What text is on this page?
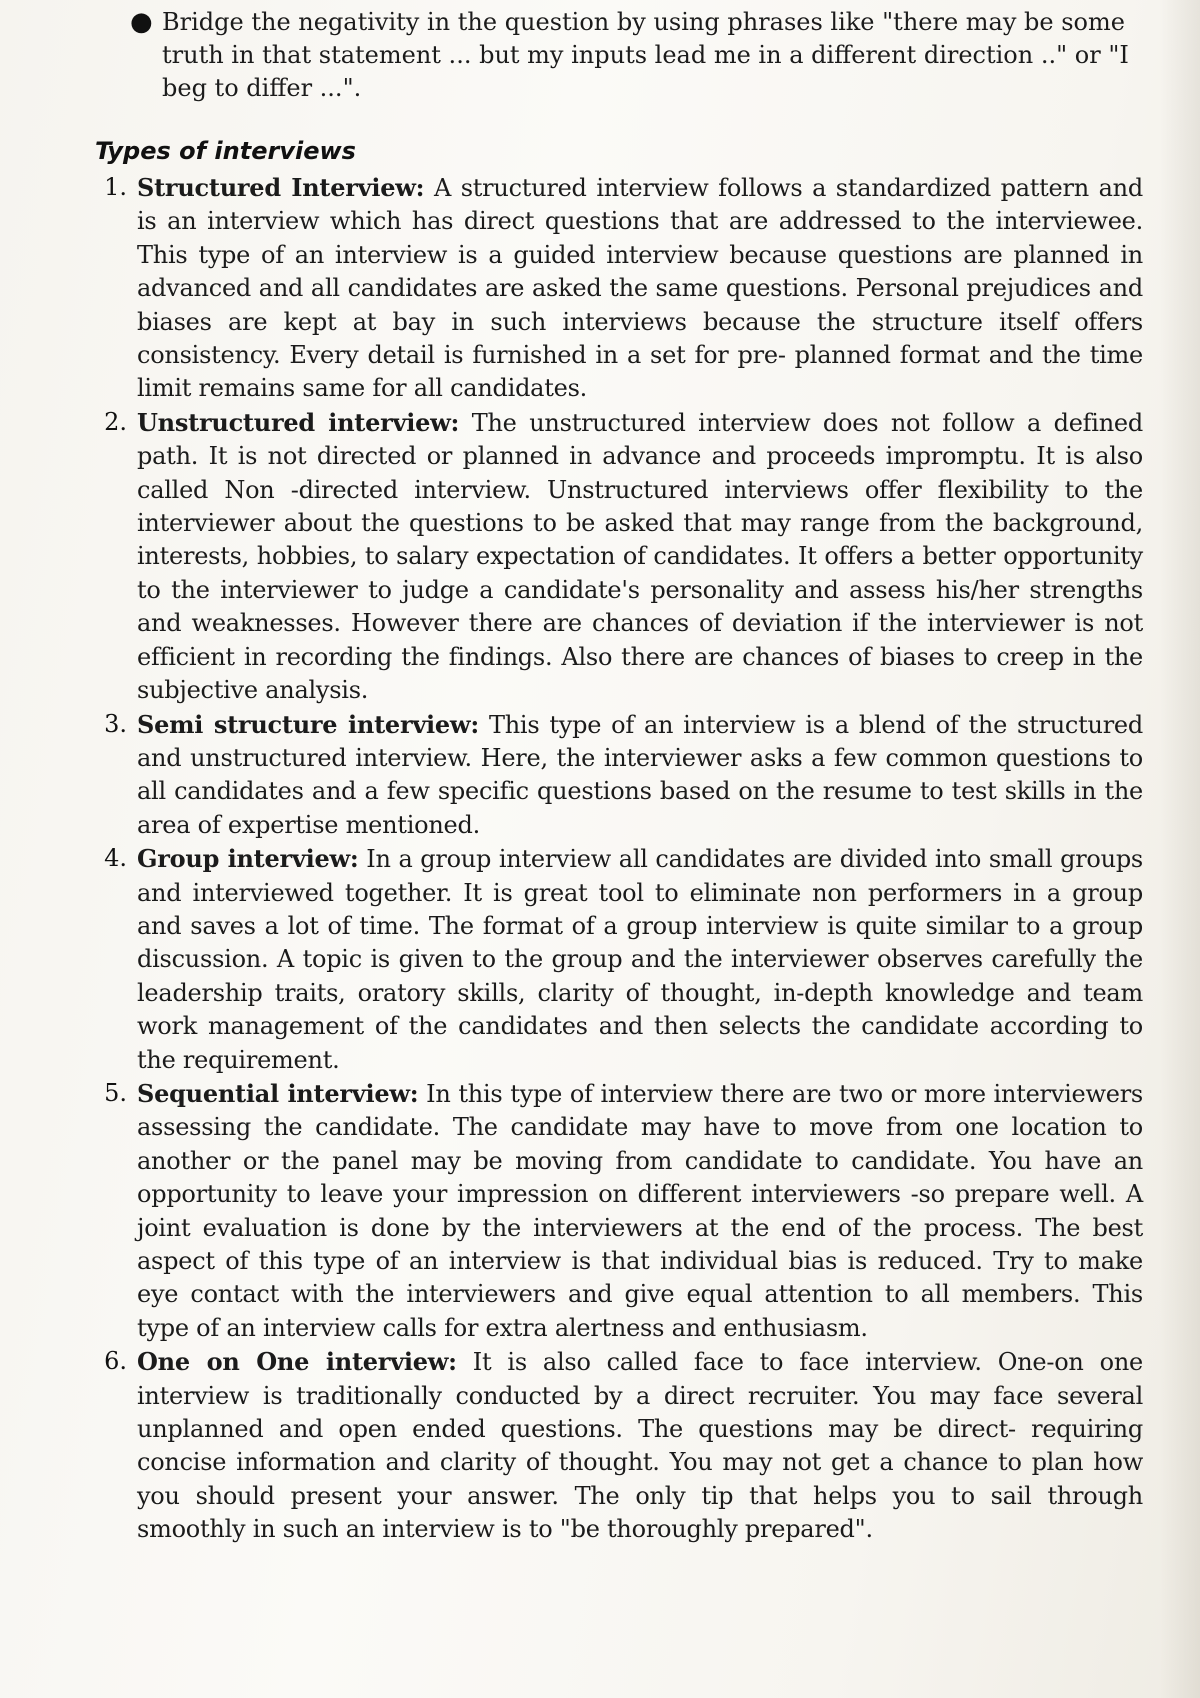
● Bridge the negativity in the question by using phrases like "there may be some truth in that statement ... but my inputs lead me in a different direction .." or "I beg to differ ...".
Types of interviews
1. Structured Interview: A structured interview follows a standardized pattern and is an interview which has direct questions that are addressed to the interviewee. This type of an interview is a guided interview because questions are planned in advanced and all candidates are asked the same questions. Personal prejudices and biases are kept at bay in such interviews because the structure itself offers consistency. Every detail is furnished in a set for pre- planned format and the time limit remains same for all candidates.
2. Unstructured interview: The unstructured interview does not follow a defined path. It is not directed or planned in advance and proceeds impromptu. It is also called Non -directed interview. Unstructured interviews offer flexibility to the interviewer about the questions to be asked that may range from the background, interests, hobbies, to salary expectation of candidates. It offers a better opportunity to the interviewer to judge a candidate's personality and assess his/her strengths and weaknesses. However there are chances of deviation if the interviewer is not efficient in recording the findings. Also there are chances of biases to creep in the subjective analysis.
3. Semi structure interview: This type of an interview is a blend of the structured and unstructured interview. Here, the interviewer asks a few common questions to all candidates and a few specific questions based on the resume to test skills in the area of expertise mentioned.
4. Group interview: In a group interview all candidates are divided into small groups and interviewed together. It is great tool to eliminate non performers in a group and saves a lot of time. The format of a group interview is quite similar to a group discussion. A topic is given to the group and the interviewer observes carefully the leadership traits, oratory skills, clarity of thought, in-depth knowledge and team work management of the candidates and then selects the candidate according to the requirement.
5. Sequential interview: In this type of interview there are two or more interviewers assessing the candidate. The candidate may have to move from one location to another or the panel may be moving from candidate to candidate. You have an opportunity to leave your impression on different interviewers -so prepare well. A joint evaluation is done by the interviewers at the end of the process. The best aspect of this type of an interview is that individual bias is reduced. Try to make eye contact with the interviewers and give equal attention to all members. This type of an interview calls for extra alertness and enthusiasm.
6. One on One interview: It is also called face to face interview. One-on one interview is traditionally conducted by a direct recruiter. You may face several unplanned and open ended questions. The questions may be direct- requiring concise information and clarity of thought. You may not get a chance to plan how you should present your answer. The only tip that helps you to sail through smoothly in such an interview is to "be thoroughly prepared".
